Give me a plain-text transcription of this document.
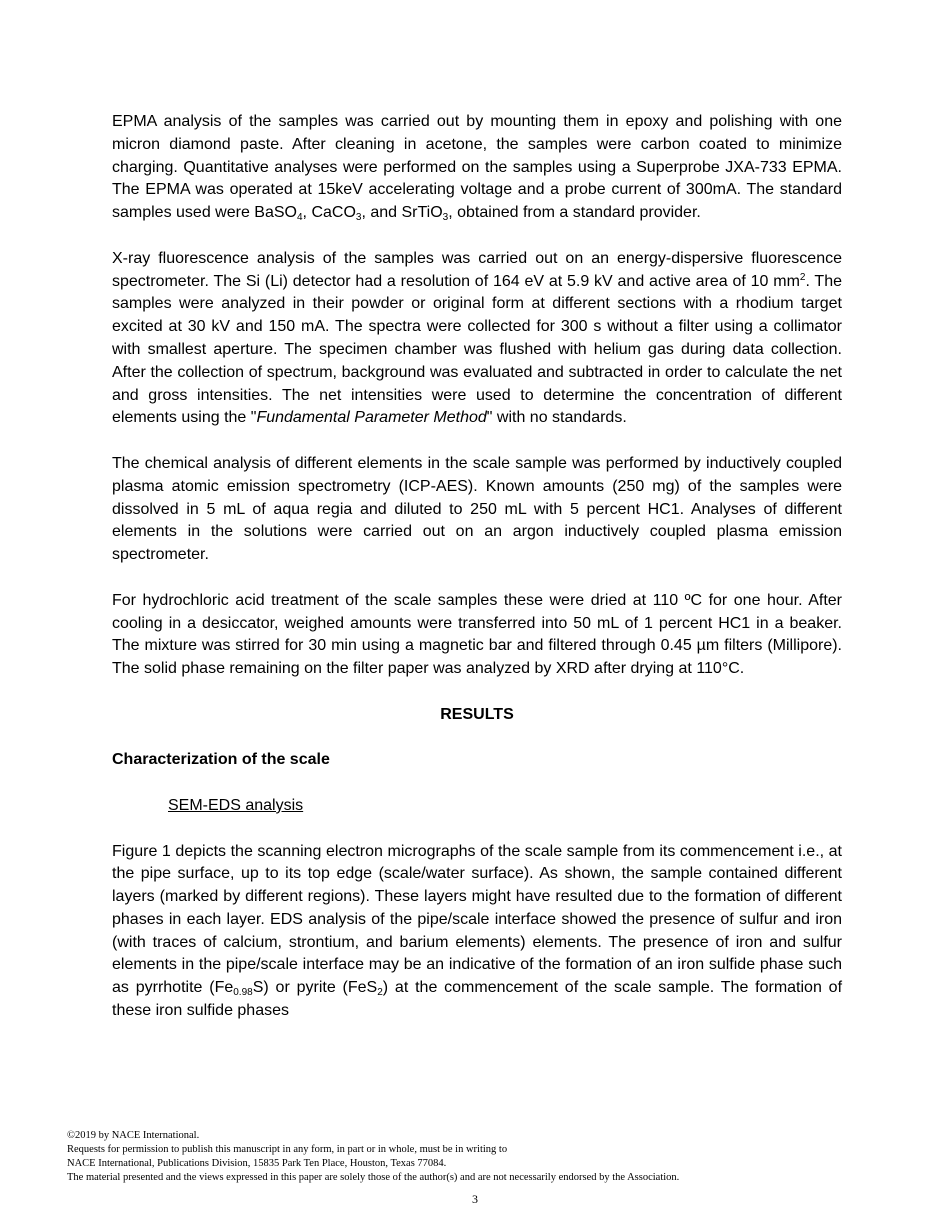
EPMA analysis of the samples was carried out by mounting them in epoxy and polishing with one micron diamond paste. After cleaning in acetone, the samples were carbon coated to minimize charging. Quantitative analyses were performed on the samples using a Superprobe JXA-733 EPMA. The EPMA was operated at 15keV accelerating voltage and a probe current of 300mA. The standard samples used were BaSO$_4$, CaCO$_3$, and SrTiO$_3$, obtained from a standard provider.

X-ray fluorescence analysis of the samples was carried out on an energy-dispersive fluorescence spectrometer. The Si (Li) detector had a resolution of 164 eV at 5.9 kV and active area of 10 $mm^2$. The samples were analyzed in their powder or original form at different sections with a rhodium target excited at 30 kV and 150 mA. The spectra were collected for 300 s without a filter using a collimator with smallest aperture. The specimen chamber was flushed with helium gas during data collection. After the collection of spectrum, background was evaluated and subtracted in order to calculate the net and gross intensities. The net intensities were used to determine the concentration of different elements using the "Fundamental Parameter Method" with no standards.

The chemical analysis of different elements in the scale sample was performed by inductively coupled plasma atomic emission spectrometry (ICP-AES). Known amounts (250 mg) of the samples were dissolved in 5 mL of aqua regia and diluted to 250 mL with 5 percent HC1. Analyses of different elements in the solutions were carried out on an argon inductively coupled plasma emission spectrometer.

For hydrochloric acid treatment of the scale samples these were dried at 110 ºC for one hour. After cooling in a desiccator, weighed amounts were transferred into 50 mL of 1 percent HC1 in a beaker. The mixture was stirred for 30 min using a magnetic bar and filtered through 0.45 µm filters (Millipore). The solid phase remaining on the filter paper was analyzed by XRD after drying at 110°C.

RESULTS

Characterization of the scale

SEM-EDS analysis

Figure 1 depicts the scanning electron micrographs of the scale sample from its commencement i.e., at the pipe surface, up to its top edge (scale/water surface). As shown, the sample contained different layers (marked by different regions). These layers might have resulted due to the formation of different phases in each layer. EDS analysis of the pipe/scale interface showed the presence of sulfur and iron (with traces of calcium, strontium, and barium elements) elements. The presence of iron and sulfur elements in the pipe/scale interface may be an indicative of the formation of an iron sulfide phase such as pyrrhotite $(Fe_{0.98}S)$ or pyrite (FeS$_2$) at the commencement of the scale sample. The formation of these iron sulfide phases

©2019 by NACE International.
Requests for permission to publish this manuscript in any form, in part or in whole, must be in writing to
NACE International, Publications Division, 15835 Park Ten Place, Houston, Texas 77084.
The material presented and the views expressed in this paper are solely those of the author(s) and are not necessarily endorsed by the Association.
3
